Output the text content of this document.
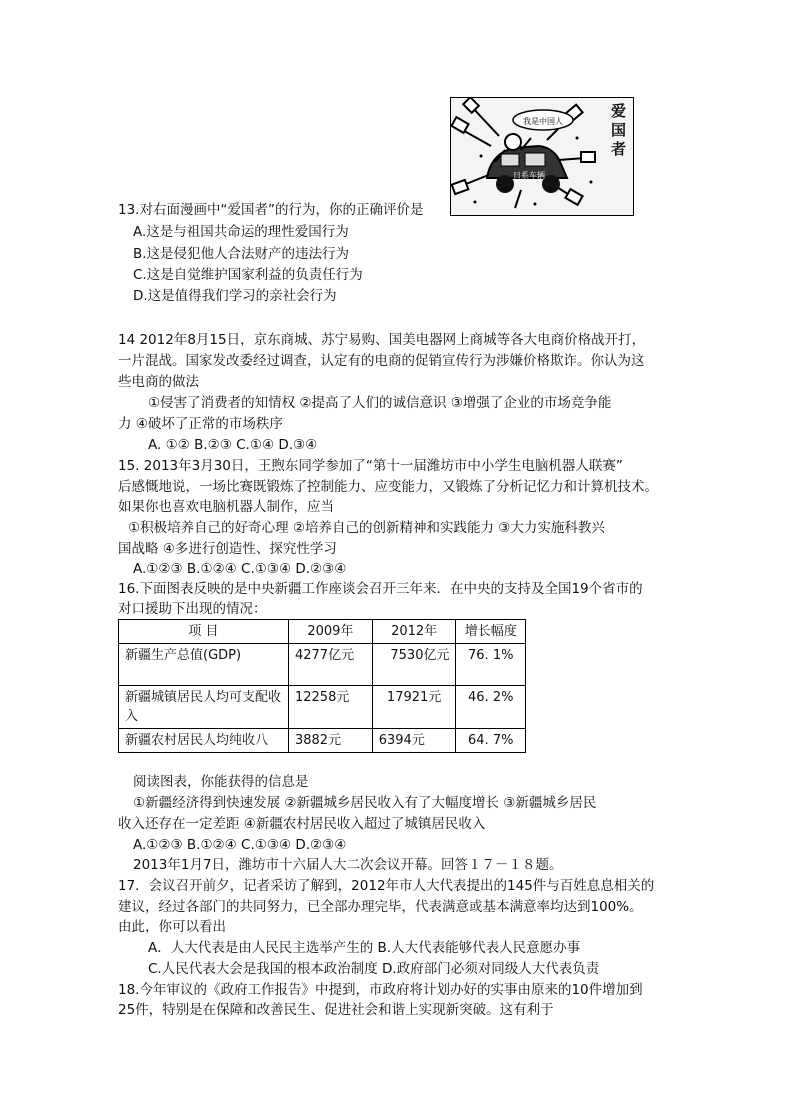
我是中国人
日系车辆
爱国者
13.对右面漫画中“爱国者”的行为，你的正确评价是
A.这是与祖国共命运的理性爱国行为
B.这是侵犯他人合法财产的违法行为
C.这是自觉维护国家利益的负责任行为
D.这是值得我们学习的亲社会行为
14 2012年8月15日，京东商城、苏宁易购、国美电器网上商城等各大电商价格战开打，
一片混战。国家发改委经过调查，认定有的电商的促销宣传行为涉嫌价格欺诈。你认为这
些电商的做法
①侵害了消费者的知情权 ②提高了人们的诚信意识 ③增强了企业的市场竞争能
力 ④破坏了正常的市场秩序
A. ①② B.②③ C.①④ D.③④
15. 2013年3月30日，王煦东同学参加了“第十一届潍坊市中小学生电脑机器人联赛”
后感慨地说，一场比赛既锻炼了控制能力、应变能力，又锻炼了分析记忆力和计算机技术。
如果你也喜欢电脑机器人制作，应当
①积极培养自己的好奇心理 ②培养自己的创新精神和实践能力 ③大力实施科教兴
国战略 ④多进行创造性、探究性学习
A.①②③ B.①②④ C.①③④ D.②③④
16.下面图表反映的是中央新疆工作座谈会召开三年来．在中央的支持及全国19个省市的
对口援助下出现的情况：
项 目	2009年	2012年	增长幅度
新疆生产总值(GDP)	4277亿元	7530亿元	76. 1%
新疆城镇居民人均可支配收入	12258元	17921元	46. 2%
新疆农村居民人均纯收八	3882元	6394元	64. 7%
阅读图表，你能获得的信息是
①新疆经济得到快速发展 ②新疆城乡居民收入有了大幅度增长 ③新疆城乡居民
收入还存在一定差距 ④新疆农村居民收入超过了城镇居民收入
A.①②③ B.①②④ C.①③④ D.②③④
2013年1月7日，潍坊市十六届人大二次会议开幕。回答１７－１８题。
17．会议召开前夕，记者采访了解到，2012年市人大代表提出的145件与百姓息息相关的
建议，经过各部门的共同努力，已全部办理完毕，代表满意或基本满意率均达到100%。
由此，你可以看出
A．人大代表是由人民民主选举产生的 B.人大代表能够代表人民意愿办事
C.人民代表大会是我国的根本政治制度 D.政府部门必须对同级人大代表负责
18.今年审议的《政府工作报告》中提到，市政府将计划办好的实事由原来的10件增加到
25件，特别是在保障和改善民生、促进社会和谐上实现新突破。这有利于
